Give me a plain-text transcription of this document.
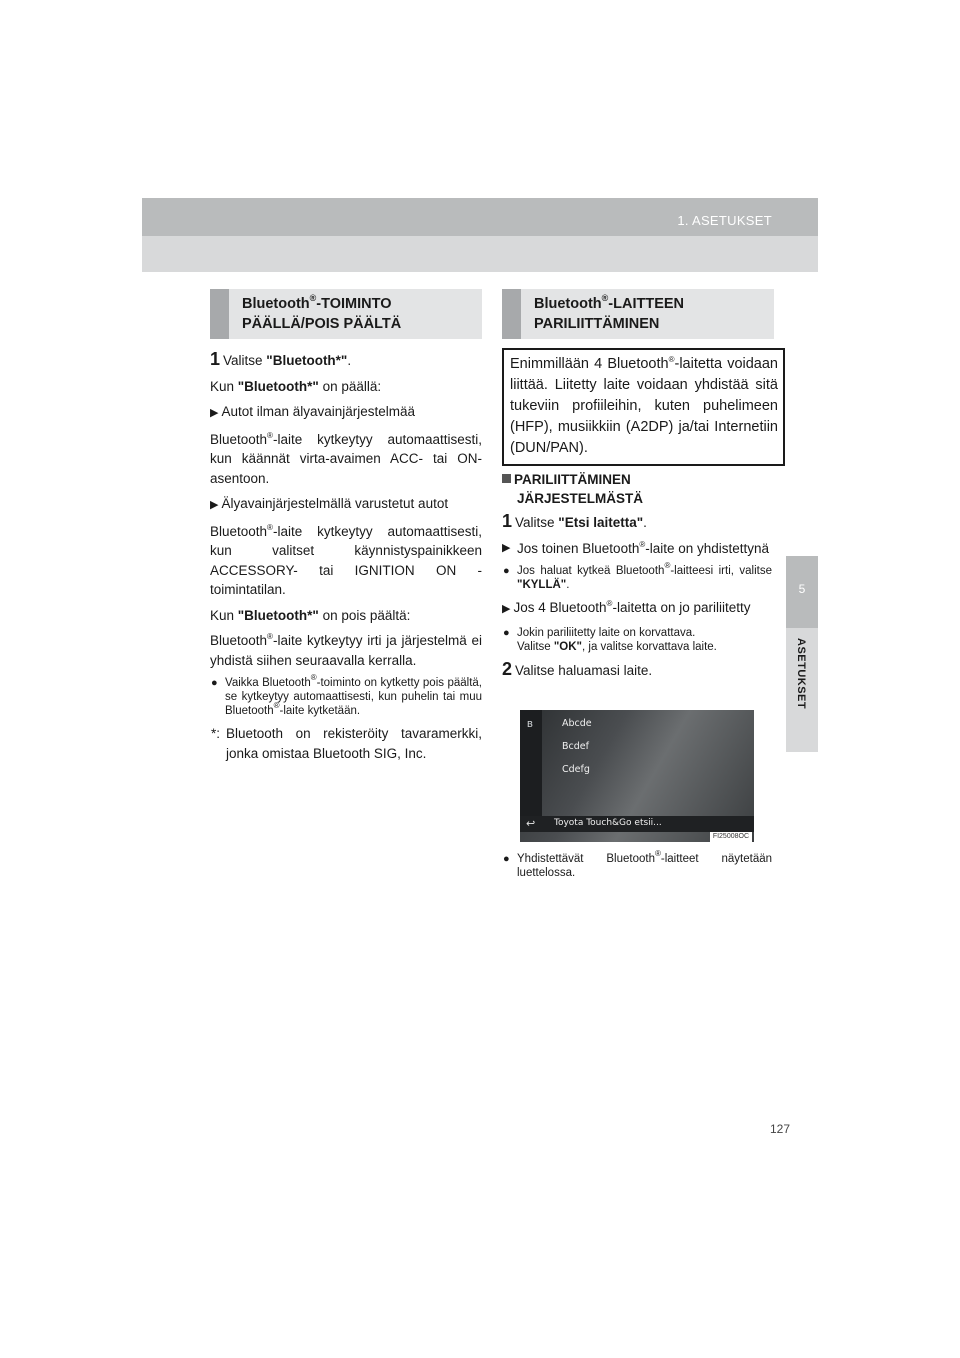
1. ASETUKSET
5
ASETUKSET
Bluetooth®-TOIMINTO
PÄÄLLÄ/POIS PÄÄLTÄ

1 Valitse "Bluetooth*".

Kun "Bluetooth*" on päällä:

▶ Autot ilman älyavainjärjestelmää

Bluetooth®-laite kytkeytyy automaattisesti, kun käännät virta-avaimen ACC- tai ON-asentoon.

▶ Älyavainjärjestelmällä varustetut autot

Bluetooth®-laite kytkeytyy automaattisesti, kun valitset käynnistyspainikkeen ACCESSORY- tai IGNITION ON -toimintatilan.

Kun "Bluetooth*" on pois päältä:

Bluetooth®-laite kytkeytyy irti ja järjestelmä ei yhdistä siihen seuraavalla kerralla.

● Vaikka Bluetooth®-toiminto on kytketty pois päältä, se kytkeytyy automaattisesti, kun puhelin tai muu Bluetooth®-laite kytketään.

*: Bluetooth on rekisteröity tavaramerkki, jonka omistaa Bluetooth SIG, Inc.

Bluetooth®-LAITTEEN
PARILIITTÄMINEN
Enimmillään 4 Bluetooth®-laitetta voidaan liittää. Liitetty laite voidaan yhdistää sitä tukeviin profiileihin, kuten puhelimeen (HFP), musiikkiin (A2DP) ja/tai Internetiin (DUN/PAN).
PARILIITTÄMINEN
JÄRJESTELMÄSTÄ

1 Valitse "Etsi laitetta".

▶ Jos toinen Bluetooth®-laite on yhdistettynä

● Jos haluat kytkeä Bluetooth®-laitteesi irti, valitse "KYLLÄ".

▶ Jos 4 Bluetooth®-laitetta on jo pariliitetty

● Jokin pariliitetty laite on korvattava.
Valitse "OK", ja valitse korvattava laite.

2 Valitse haluamasi laite.

ʙ	Abcde
Bcdef
Cdefg
↩ Toyota Touch&Go etsii...
FI25008OC

● Yhdistettävät Bluetooth®-laitteet näytetään luettelossa.

127
